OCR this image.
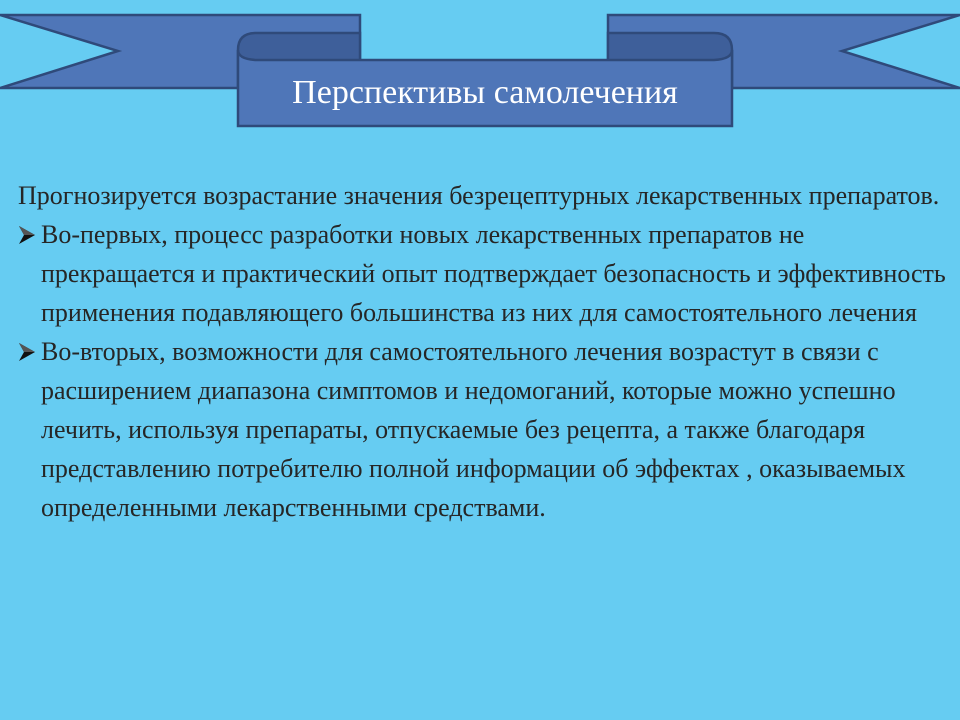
Перспективы самолечения

Прогнозируется возрастание значения безрецептурных лекарственных препаратов.

Во-первых, процесс разработки новых лекарственных препаратов не прекращается и практический опыт подтверждает безопасность и эффективность применения подавляющего большинства из них для самостоятельного лечения
Во-вторых, возможности для самостоятельного лечения возрастут в связи с расширением диапазона симптомов и недомоганий, которые можно успешно лечить, используя препараты, отпускаемые без рецепта, а также благодаря представлению потребителю полной информации об эффектах , оказываемых определенными лекарственными средствами.
